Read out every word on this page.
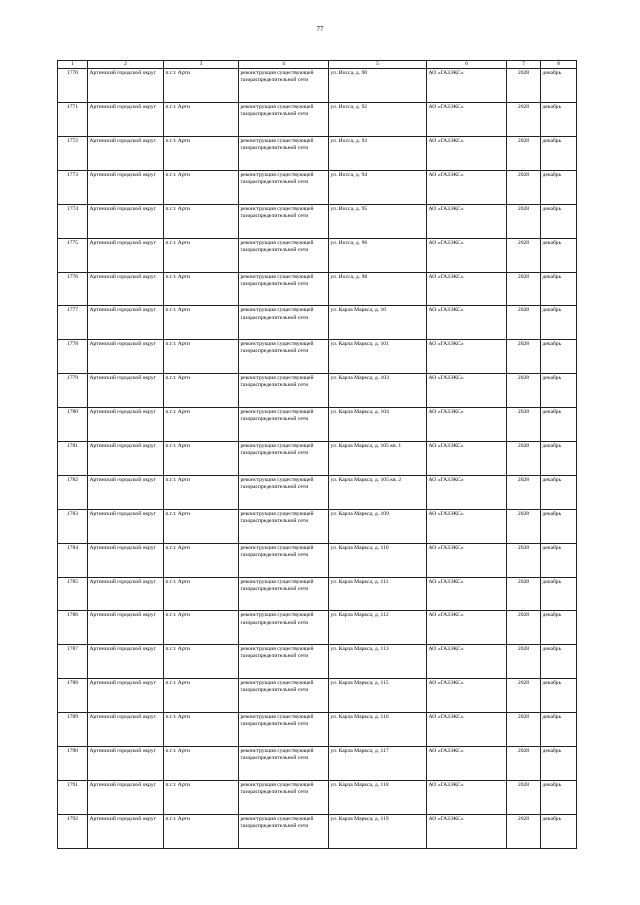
77
1	2	3	4	5	6	7	8
1770	Артинский городской округ	п.г.т. Арти	реконструкция существующей газораспределительной сети	ул. Иосса, д. 90	АО «ГАЗЭКС»	2028	декабрь
1771	Артинский городской округ	п.г.т. Арти	реконструкция существующей газораспределительной сети	ул. Иосса, д. 92	АО «ГАЗЭКС»	2028	декабрь
1772	Артинский городской округ	п.г.т. Арти	реконструкция существующей газораспределительной сети	ул. Иосса, д. 93	АО «ГАЗЭКС»	2028	декабрь
1773	Артинский городской округ	п.г.т. Арти	реконструкция существующей газораспределительной сети	ул. Иосса, д. 94	АО «ГАЗЭКС»	2028	декабрь
1774	Артинский городской округ	п.г.т. Арти	реконструкция существующей газораспределительной сети	ул. Иосса, д. 95	АО «ГАЗЭКС»	2028	декабрь
1775	Артинский городской округ	п.г.т. Арти	реконструкция существующей газораспределительной сети	ул. Иосса, д. 96	АО «ГАЗЭКС»	2028	декабрь
1776	Артинский городской округ	п.г.т. Арти	реконструкция существующей газораспределительной сети	ул. Иосса, д. 98	АО «ГАЗЭКС»	2028	декабрь
1777	Артинский городской округ	п.г.т. Арти	реконструкция существующей газораспределительной сети	ул. Карла Маркса, д. 10	АО «ГАЗЭКС»	2028	декабрь
1778	Артинский городской округ	п.г.т. Арти	реконструкция существующей газораспределительной сети	ул. Карла Маркса, д. 101	АО «ГАЗЭКС»	2028	декабрь
1779	Артинский городской округ	п.г.т. Арти	реконструкция существующей газораспределительной сети	ул. Карла Маркса, д. 103	АО «ГАЗЭКС»	2028	декабрь
1780	Артинский городской округ	п.г.т. Арти	реконструкция существующей газораспределительной сети	ул. Карла Маркса, д. 104	АО «ГАЗЭКС»	2028	декабрь
1781	Артинский городской округ	п.г.т. Арти	реконструкция существующей газораспределительной сети	ул. Карла Маркса, д. 105 кв. 1	АО «ГАЗЭКС»	2028	декабрь
1782	Артинский городской округ	п.г.т. Арти	реконструкция существующей газораспределительной сети	ул. Карла Маркса, д. 105 кв. 2	АО «ГАЗЭКС»	2028	декабрь
1783	Артинский городской округ	п.г.т. Арти	реконструкция существующей газораспределительной сети	ул. Карла Маркса, д. 109	АО «ГАЗЭКС»	2028	декабрь
1784	Артинский городской округ	п.г.т. Арти	реконструкция существующей газораспределительной сети	ул. Карла Маркса, д. 110	АО «ГАЗЭКС»	2028	декабрь
1785	Артинский городской округ	п.г.т. Арти	реконструкция существующей газораспределительной сети	ул. Карла Маркса, д. 111	АО «ГАЗЭКС»	2028	декабрь
1786	Артинский городской округ	п.г.т. Арти	реконструкция существующей газораспределительной сети	ул. Карла Маркса, д. 112	АО «ГАЗЭКС»	2028	декабрь
1787	Артинский городской округ	п.г.т. Арти	реконструкция существующей газораспределительной сети	ул. Карла Маркса, д. 113	АО «ГАЗЭКС»	2028	декабрь
1788	Артинский городской округ	п.г.т. Арти	реконструкция существующей газораспределительной сети	ул. Карла Маркса, д. 115	АО «ГАЗЭКС»	2028	декабрь
1789	Артинский городской округ	п.г.т. Арти	реконструкция существующей газораспределительной сети	ул. Карла Маркса, д. 116	АО «ГАЗЭКС»	2028	декабрь
1790	Артинский городской округ	п.г.т. Арти	реконструкция существующей газораспределительной сети	ул. Карла Маркса, д. 117	АО «ГАЗЭКС»	2028	декабрь
1791	Артинский городской округ	п.г.т. Арти	реконструкция существующей газораспределительной сети	ул. Карла Маркса, д. 118	АО «ГАЗЭКС»	2028	декабрь
1792	Артинский городской округ	п.г.т. Арти	реконструкция существующей газораспределительной сети	ул. Карла Маркса, д. 119	АО «ГАЗЭКС»	2028	декабрь
